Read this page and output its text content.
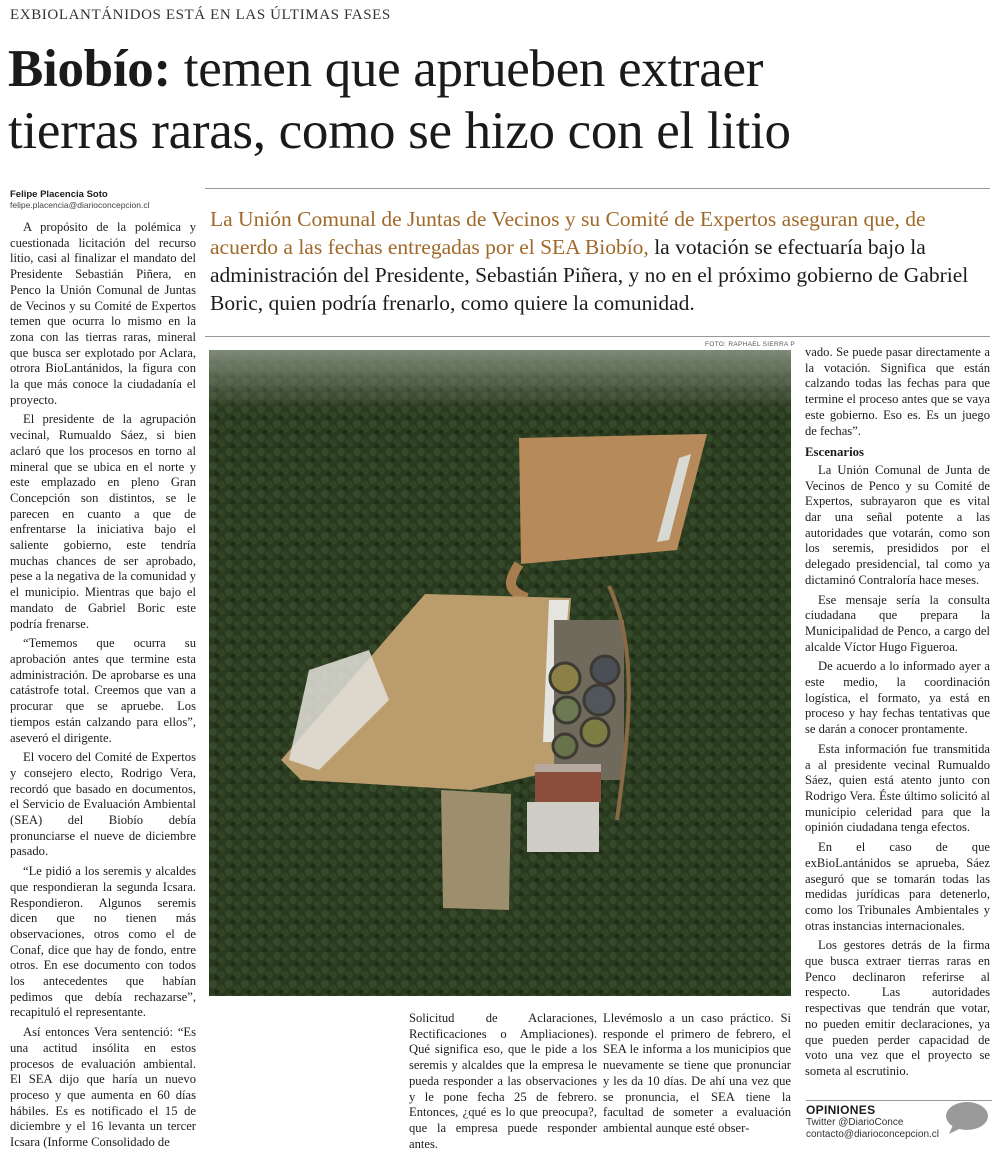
EXBIOLANTÁNIDOS ESTÁ EN LAS ÚLTIMAS FASES
Biobío: temen que aprueben extraer
tierras raras, como se hizo con el litio
Felipe Placencia Soto
felipe.placencia@diarioconcepcion.cl
La Unión Comunal de Juntas de Vecinos y su Comité de Expertos aseguran que, de acuerdo a las fechas entregadas por el SEA Biobío, la votación se efectuaría bajo la administración del Presidente, Sebastián Piñera, y no en el próximo gobierno de Gabriel Boric, quien podría frenarlo, como quiere la comunidad.
FOTO: RAPHAEL SIERRA P

A propósito de la polémica y cuestionada licitación del recurso litio, casi al finalizar el mandato del Presidente Sebastián Piñera, en Penco la Unión Comunal de Juntas de Vecinos y su Comité de Expertos temen que ocurra lo mismo en la zona con las tierras raras, mineral que busca ser explotado por Aclara, otrora BioLantánidos, la figura con la que más conoce la ciudadanía el proyecto.

El presidente de la agrupación vecinal, Rumualdo Sáez, si bien aclaró que los procesos en torno al mineral que se ubica en el norte y este emplazado en pleno Gran Concepción son distintos, se le parecen en cuanto a que de enfrentarse la iniciativa bajo el saliente gobierno, este tendría muchas chances de ser aprobado, pese a la negativa de la comunidad y el municipio. Mientras que bajo el mandato de Gabriel Boric este podría frenarse.

“Tememos que ocurra su aprobación antes que termine esta administración. De aprobarse es una catástrofe total. Creemos que van a procurar que se apruebe. Los tiempos están calzando para ellos”, aseveró el dirigente.

El vocero del Comité de Expertos y consejero electo, Rodrigo Vera, recordó que basado en documentos, el Servicio de Evaluación Ambiental (SEA) del Biobío debía pronunciarse el nueve de diciembre pasado.

“Le pidió a los seremis y alcaldes que respondieran la segunda Icsara. Respondieron. Algunos seremis dicen que no tienen más observaciones, otros como el de Conaf, dice que hay de fondo, entre otros. En ese documento con todos los antecedentes que habían pedimos que debía rechazarse”, recapituló el representante.

Así entonces Vera sentenció: “Es una actitud insólita en estos procesos de evaluación ambiental. El SEA dijo que haría un nuevo proceso y que aumenta en 60 días hábiles. Es es notificado el 15 de diciembre y el 16 levanta un tercer Icsara (Informe Consolidado de

Solicitud de Aclaraciones, Rectificaciones o Ampliaciones). Qué significa eso, que le pide a los seremis y alcaldes que la empresa le pueda responder a las observaciones y le pone fecha 25 de febrero. Entonces, ¿qué es lo que preocupa?, que la empresa puede responder antes.

Llevémoslo a un caso práctico. Si responde el primero de febrero, el SEA le informa a los municipios que nuevamente se tiene que pronunciar y les da 10 días. De ahí una vez que se pronuncia, el SEA tiene la facultad de someter a evaluación ambiental aunque esté obser-

vado. Se puede pasar directamente a la votación. Significa que están calzando todas las fechas para que termine el proceso antes que se vaya este gobierno. Eso es. Es un juego de fechas”.

Escenarios

La Unión Comunal de Junta de Vecinos de Penco y su Comité de Expertos, subrayaron que es vital dar una señal potente a las autoridades que votarán, como son los seremis, presididos por el delegado presidencial, tal como ya dictaminó Contraloría hace meses.

Ese mensaje sería la consulta ciudadana que prepara la Municipalidad de Penco, a cargo del alcalde Víctor Hugo Figueroa.

De acuerdo a lo informado ayer a este medio, la coordinación logística, el formato, ya está en proceso y hay fechas tentativas que se darán a conocer prontamente.

Esta información fue transmitida a al presidente vecinal Rumualdo Sáez, quien está atento junto con Rodrigo Vera. Éste último solicitó al municipio celeridad para que la opinión ciudadana tenga efectos.

En el caso de que exBioLantánidos se aprueba, Sáez aseguró que se tomarán todas las medidas jurídicas para detenerlo, como los Tribunales Ambientales y otras instancias internacionales.

Los gestores detrás de la firma que busca extraer tierras raras en Penco declinaron referirse al respecto. Las autoridades respectivas que tendrán que votar, no pueden emitir declaraciones, ya que pueden perder capacidad de voto una vez que el proyecto se someta al escrutinio.

OPINIONES
Twitter @DiarioConce
contacto@diarioconcepcion.cl
